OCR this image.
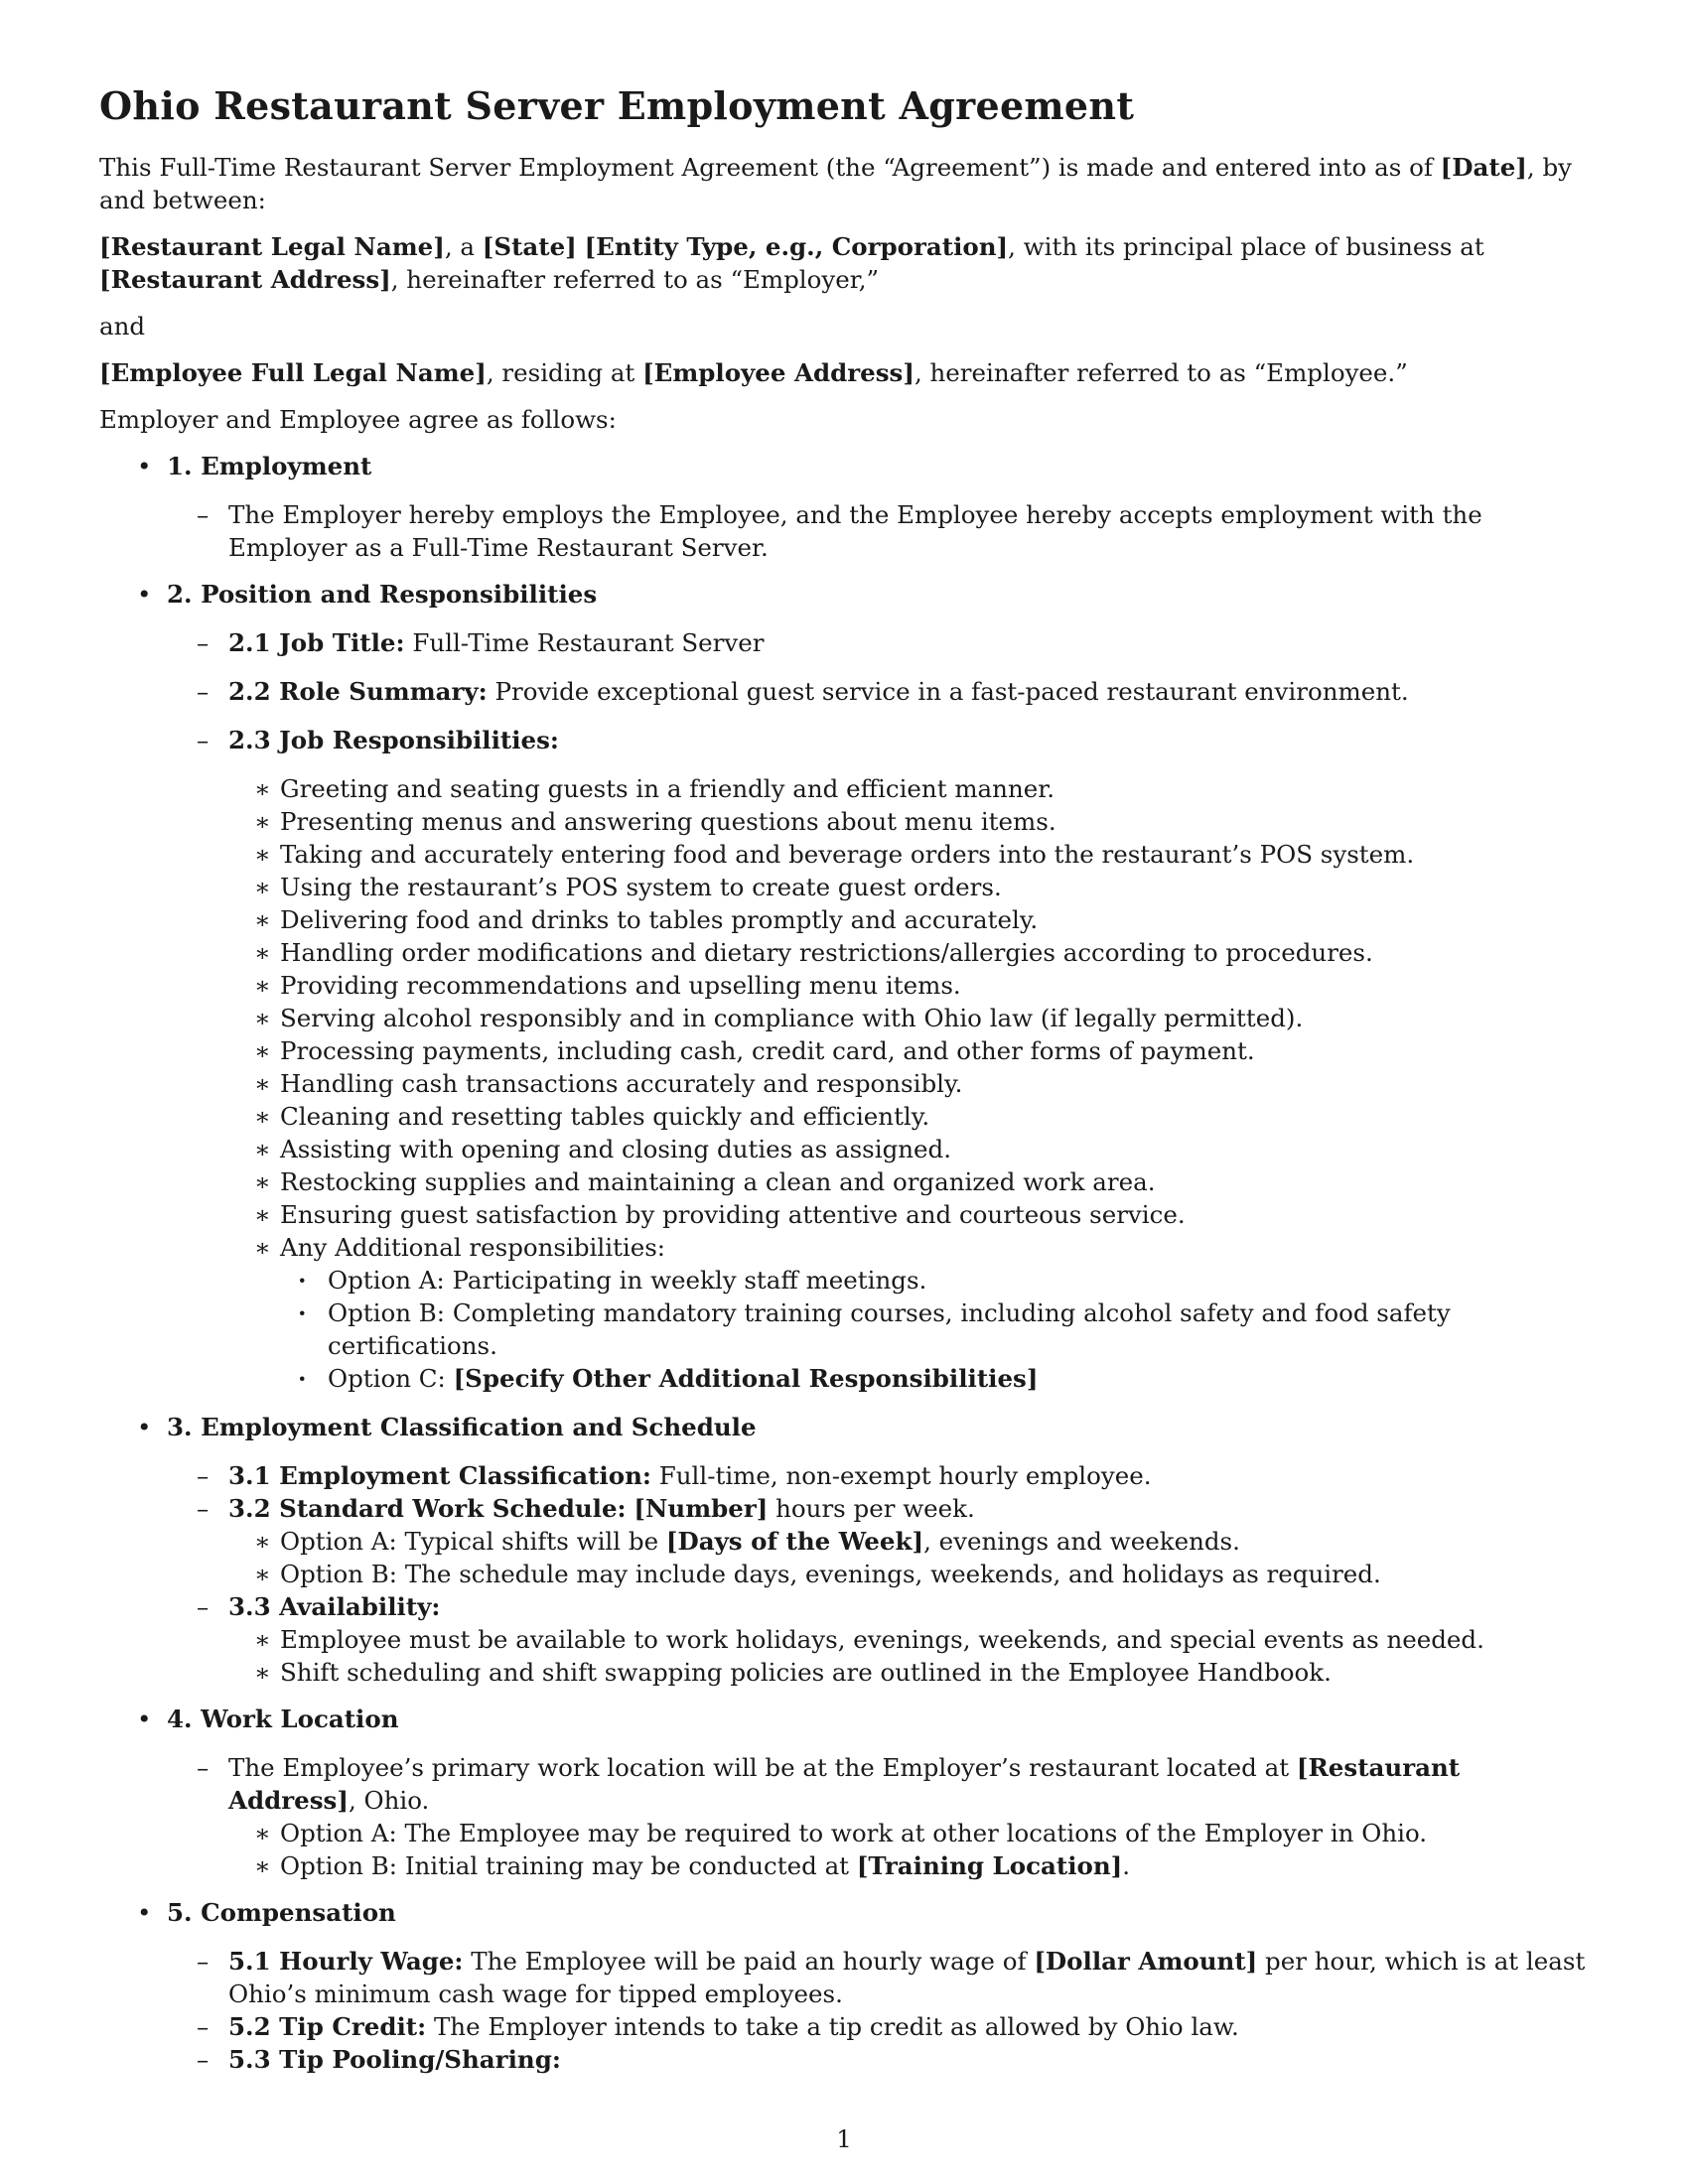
Ohio Restaurant Server Employment Agreement

This Full-Time Restaurant Server Employment Agreement (the “Agreement”) is made and entered into as of [Date], by and between:

[Restaurant Legal Name], a [State] [Entity Type, e.g., Corporation], with its principal place of business at [Restaurant Address], hereinafter referred to as “Employer,”

and

[Employee Full Legal Name], residing at [Employee Address], hereinafter referred to as “Employee.”

Employer and Employee agree as follows:

• 1. Employment
– The Employer hereby employs the Employee, and the Employee hereby accepts employment with the Employer as a Full-Time Restaurant Server.
• 2. Position and Responsibilities
– 2.1 Job Title: Full-Time Restaurant Server
– 2.2 Role Summary: Provide exceptional guest service in a fast-paced restaurant environment.
– 2.3 Job Responsibilities:
∗ Greeting and seating guests in a friendly and efficient manner.
∗ Presenting menus and answering questions about menu items.
∗ Taking and accurately entering food and beverage orders into the restaurant’s POS system.
∗ Using the restaurant’s POS system to create guest orders.
∗ Delivering food and drinks to tables promptly and accurately.
∗ Handling order modifications and dietary restrictions/allergies according to procedures.
∗ Providing recommendations and upselling menu items.
∗ Serving alcohol responsibly and in compliance with Ohio law (if legally permitted).
∗ Processing payments, including cash, credit card, and other forms of payment.
∗ Handling cash transactions accurately and responsibly.
∗ Cleaning and resetting tables quickly and efficiently.
∗ Assisting with opening and closing duties as assigned.
∗ Restocking supplies and maintaining a clean and organized work area.
∗ Ensuring guest satisfaction by providing attentive and courteous service.
∗ Any Additional responsibilities:
· Option A: Participating in weekly staff meetings.
· Option B: Completing mandatory training courses, including alcohol safety and food safety certifications.
· Option C: [Specify Other Additional Responsibilities]
• 3. Employment Classification and Schedule
– 3.1 Employment Classification: Full-time, non-exempt hourly employee.
– 3.2 Standard Work Schedule: [Number] hours per week.
∗ Option A: Typical shifts will be [Days of the Week], evenings and weekends.
∗ Option B: The schedule may include days, evenings, weekends, and holidays as required.
– 3.3 Availability:
∗ Employee must be available to work holidays, evenings, weekends, and special events as needed.
∗ Shift scheduling and shift swapping policies are outlined in the Employee Handbook.
• 4. Work Location
– The Employee’s primary work location will be at the Employer’s restaurant located at [Restaurant Address], Ohio.
∗ Option A: The Employee may be required to work at other locations of the Employer in Ohio.
∗ Option B: Initial training may be conducted at [Training Location].
• 5. Compensation
– 5.1 Hourly Wage: The Employee will be paid an hourly wage of [Dollar Amount] per hour, which is at least Ohio’s minimum cash wage for tipped employees.
– 5.2 Tip Credit: The Employer intends to take a tip credit as allowed by Ohio law.
– 5.3 Tip Pooling/Sharing:
1
